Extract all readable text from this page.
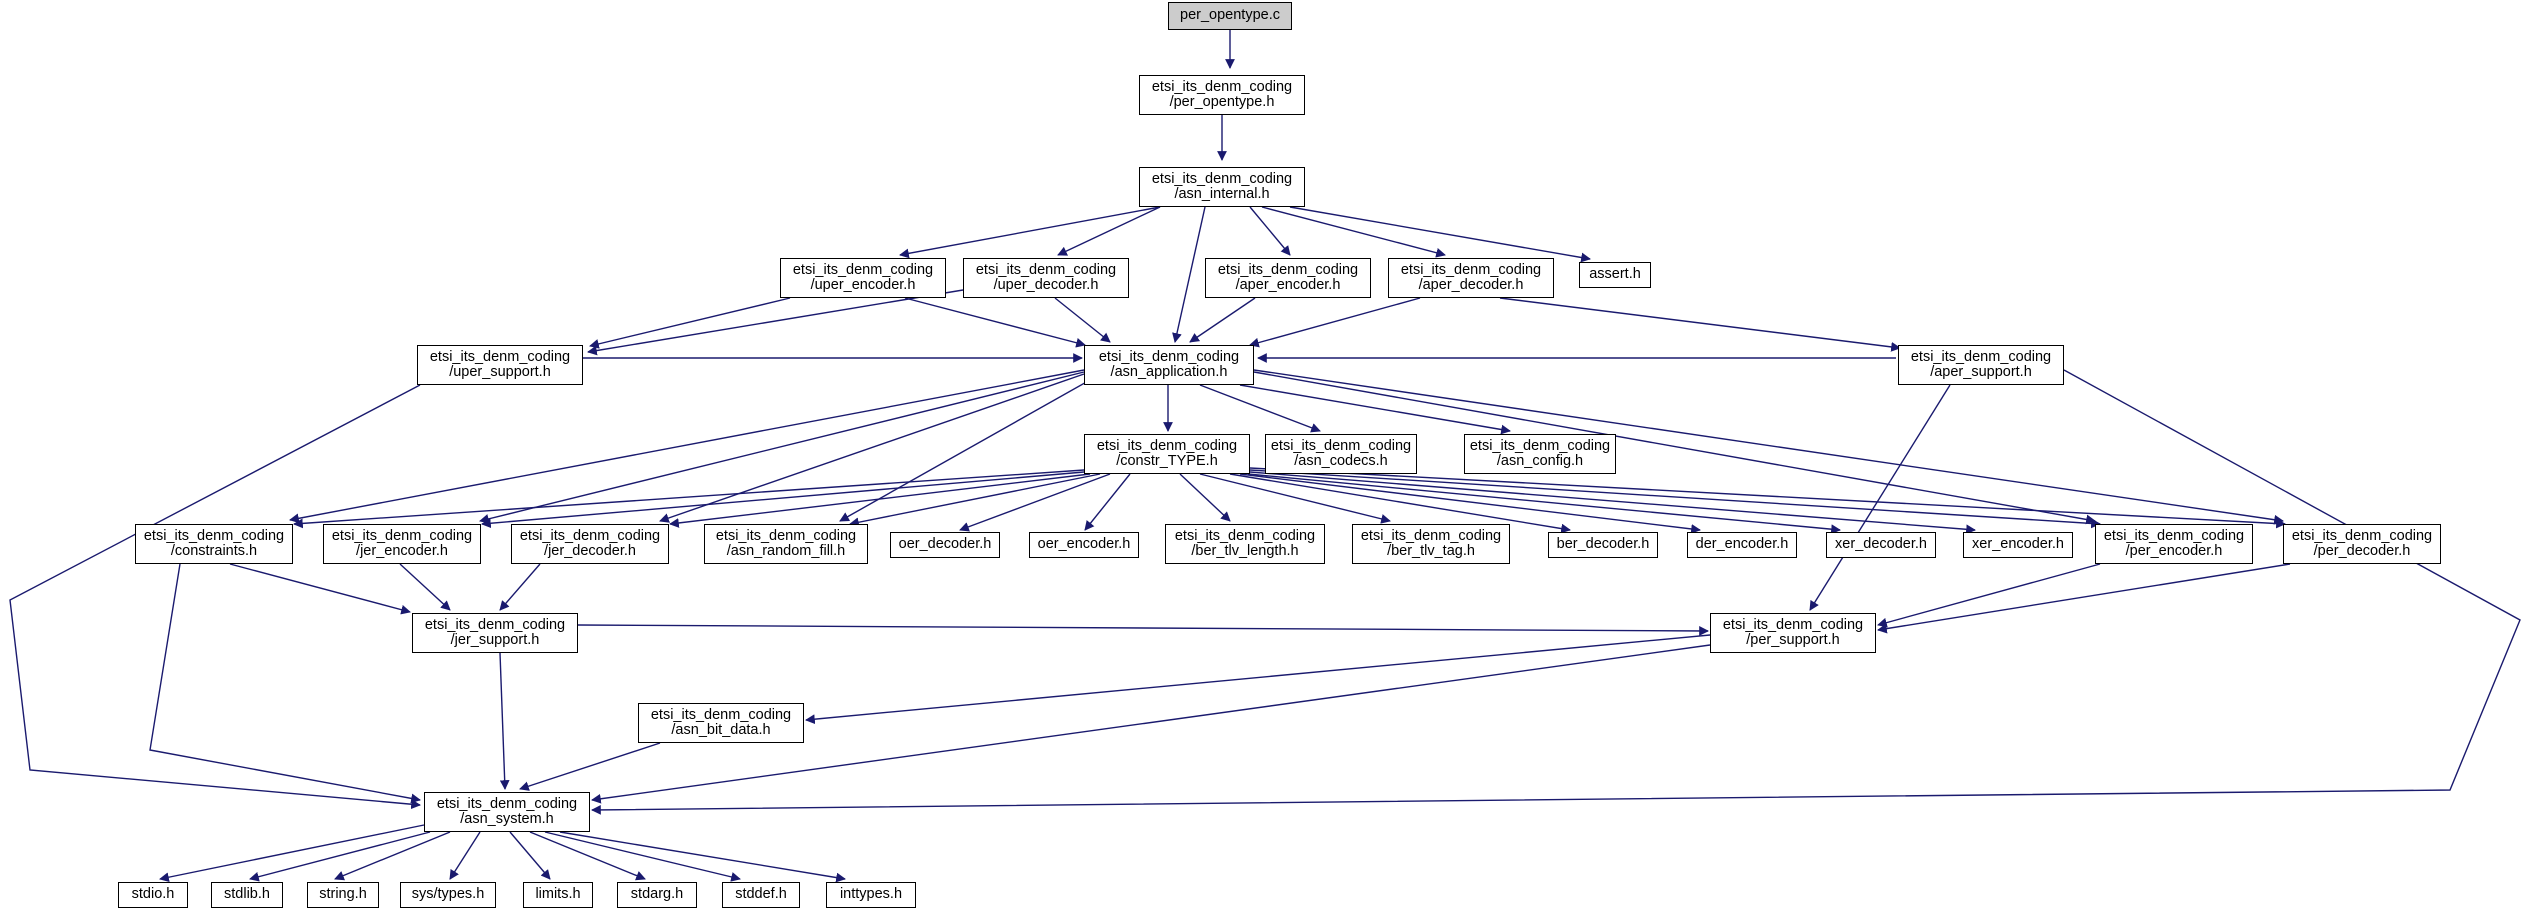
per_opentype.c
etsi_its_denm_coding
/per_opentype.h
etsi_its_denm_coding
/asn_internal.h
etsi_its_denm_coding
/uper_encoder.h
etsi_its_denm_coding
/uper_decoder.h
etsi_its_denm_coding
/aper_encoder.h
etsi_its_denm_coding
/aper_decoder.h
assert.h
etsi_its_denm_coding
/uper_support.h
etsi_its_denm_coding
/asn_application.h
etsi_its_denm_coding
/aper_support.h
etsi_its_denm_coding
/constr_TYPE.h
etsi_its_denm_coding
/asn_codecs.h
etsi_its_denm_coding
/asn_config.h
etsi_its_denm_coding
/constraints.h
etsi_its_denm_coding
/jer_encoder.h
etsi_its_denm_coding
/jer_decoder.h
etsi_its_denm_coding
/asn_random_fill.h	oer_decoder.h	oer_encoder.h
etsi_its_denm_coding
/ber_tlv_length.h
etsi_its_denm_coding
/ber_tlv_tag.h	ber_decoder.h	der_encoder.h	xer_decoder.h	xer_encoder.h
etsi_its_denm_coding
/per_encoder.h
etsi_its_denm_coding
/per_decoder.h
etsi_its_denm_coding
/jer_support.h
etsi_its_denm_coding
/per_support.h
etsi_its_denm_coding
/asn_bit_data.h
etsi_its_denm_coding
/asn_system.h
stdio.h	stdlib.h	string.h	sys/types.h	limits.h	stdarg.h	stddef.h	inttypes.h
